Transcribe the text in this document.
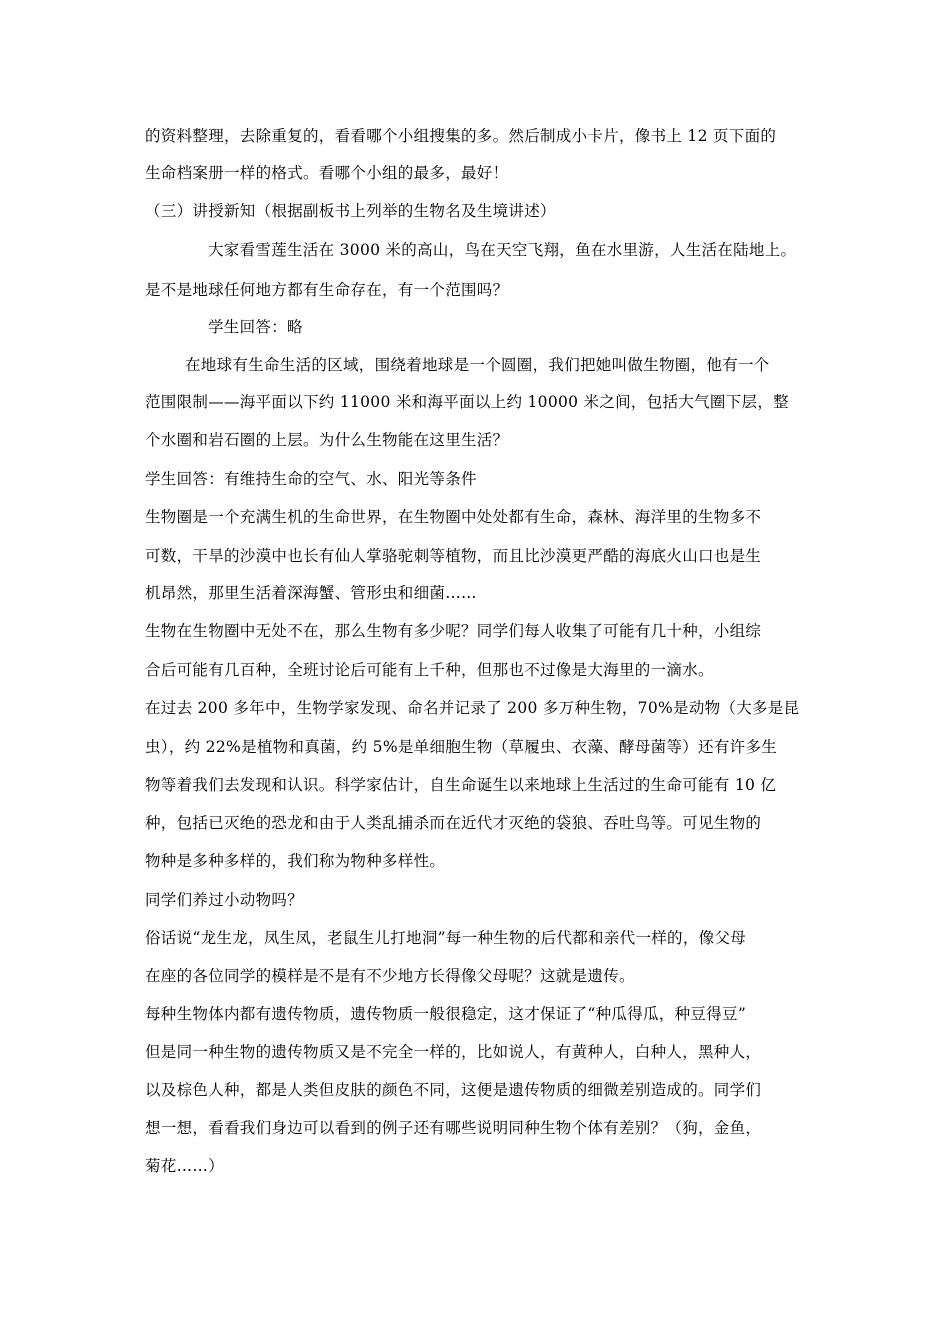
的资料整理，去除重复的，看看哪个小组搜集的多。然后制成小卡片，像书上 12 页下面的
生命档案册一样的格式。看哪个小组的最多，最好！
（三）讲授新知（根据副板书上列举的生物名及生境讲述）
大家看雪莲生活在 3000 米的高山，鸟在天空飞翔，鱼在水里游，人生活在陆地上。
是不是地球任何地方都有生命存在，有一个范围吗？
学生回答：略
在地球有生命生活的区域，围绕着地球是一个圆圈，我们把她叫做生物圈，他有一个
范围限制——海平面以下约 11000 米和海平面以上约 10000 米之间，包括大气圈下层，整
个水圈和岩石圈的上层。为什么生物能在这里生活？
学生回答：有维持生命的空气、水、阳光等条件
生物圈是一个充满生机的生命世界，在生物圈中处处都有生命，森林、海洋里的生物多不
可数，干旱的沙漠中也长有仙人掌骆驼刺等植物，而且比沙漠更严酷的海底火山口也是生
机昂然，那里生活着深海蟹、管形虫和细菌……
生物在生物圈中无处不在，那么生物有多少呢？同学们每人收集了可能有几十种，小组综
合后可能有几百种，全班讨论后可能有上千种，但那也不过像是大海里的一滴水。
在过去 200 多年中，生物学家发现、命名并记录了 200 多万种生物，70%是动物（大多是昆
虫），约 22%是植物和真菌，约 5%是单细胞生物（草履虫、衣藻、酵母菌等）还有许多生
物等着我们去发现和认识。科学家估计，自生命诞生以来地球上生活过的生命可能有 10 亿
种，包括已灭绝的恐龙和由于人类乱捕杀而在近代才灭绝的袋狼、吞吐鸟等。可见生物的
物种是多种多样的，我们称为物种多样性。
同学们养过小动物吗？
俗话说“龙生龙，凤生凤，老鼠生儿打地洞”每一种生物的后代都和亲代一样的，像父母
在座的各位同学的模样是不是有不少地方长得像父母呢？这就是遗传。
每种生物体内都有遗传物质，遗传物质一般很稳定，这才保证了“种瓜得瓜，种豆得豆”
但是同一种生物的遗传物质又是不完全一样的，比如说人，有黄种人，白种人，黑种人，
以及棕色人种，都是人类但皮肤的颜色不同，这便是遗传物质的细微差别造成的。同学们
想一想，看看我们身边可以看到的例子还有哪些说明同种生物个体有差别？（狗，金鱼，
菊花……）
